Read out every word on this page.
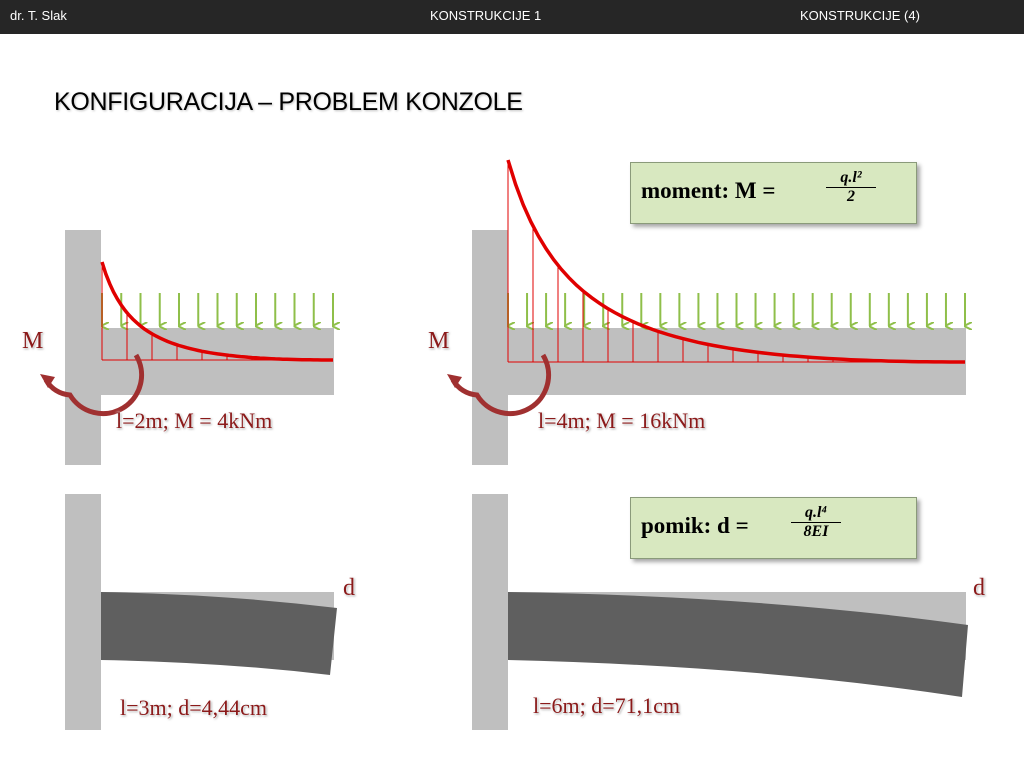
dr. T. Slak	KONSTRUKCIJE 1	KONSTRUKCIJE (4)
KONFIGURACIJA – PROBLEM KONZOLE
moment: M =	$\frac{\text{q.l²}}{2}$
pomik: d =	$\frac{\text{q.l⁴}}{8EI}$
M	M
l=2m; M = 4kNm	l=4m; M = 16kNm
d	d
l=3m; d=4,44cm	l=6m; d=71,1cm
